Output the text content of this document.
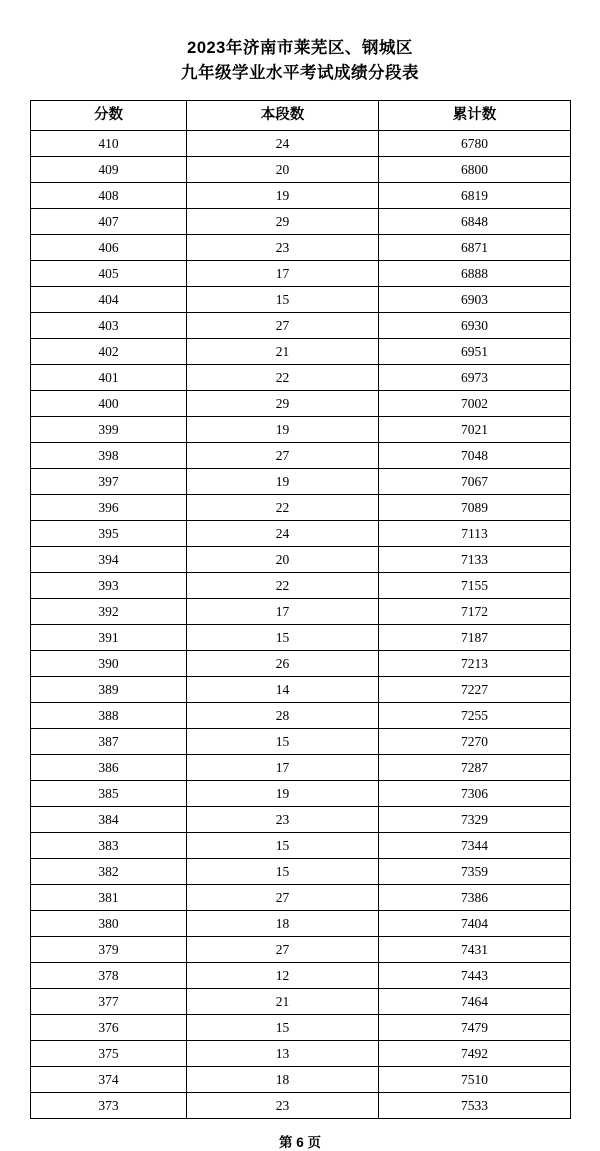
2023年济南市莱芜区、钢城区
九年级学业水平考试成绩分段表
分数	本段数	累计数
410	24	6780
409	20	6800
408	19	6819
407	29	6848
406	23	6871
405	17	6888
404	15	6903
403	27	6930
402	21	6951
401	22	6973
400	29	7002
399	19	7021
398	27	7048
397	19	7067
396	22	7089
395	24	7113
394	20	7133
393	22	7155
392	17	7172
391	15	7187
390	26	7213
389	14	7227
388	28	7255
387	15	7270
386	17	7287
385	19	7306
384	23	7329
383	15	7344
382	15	7359
381	27	7386
380	18	7404
379	27	7431
378	12	7443
377	21	7464
376	15	7479
375	13	7492
374	18	7510
373	23	7533
第 6 页
